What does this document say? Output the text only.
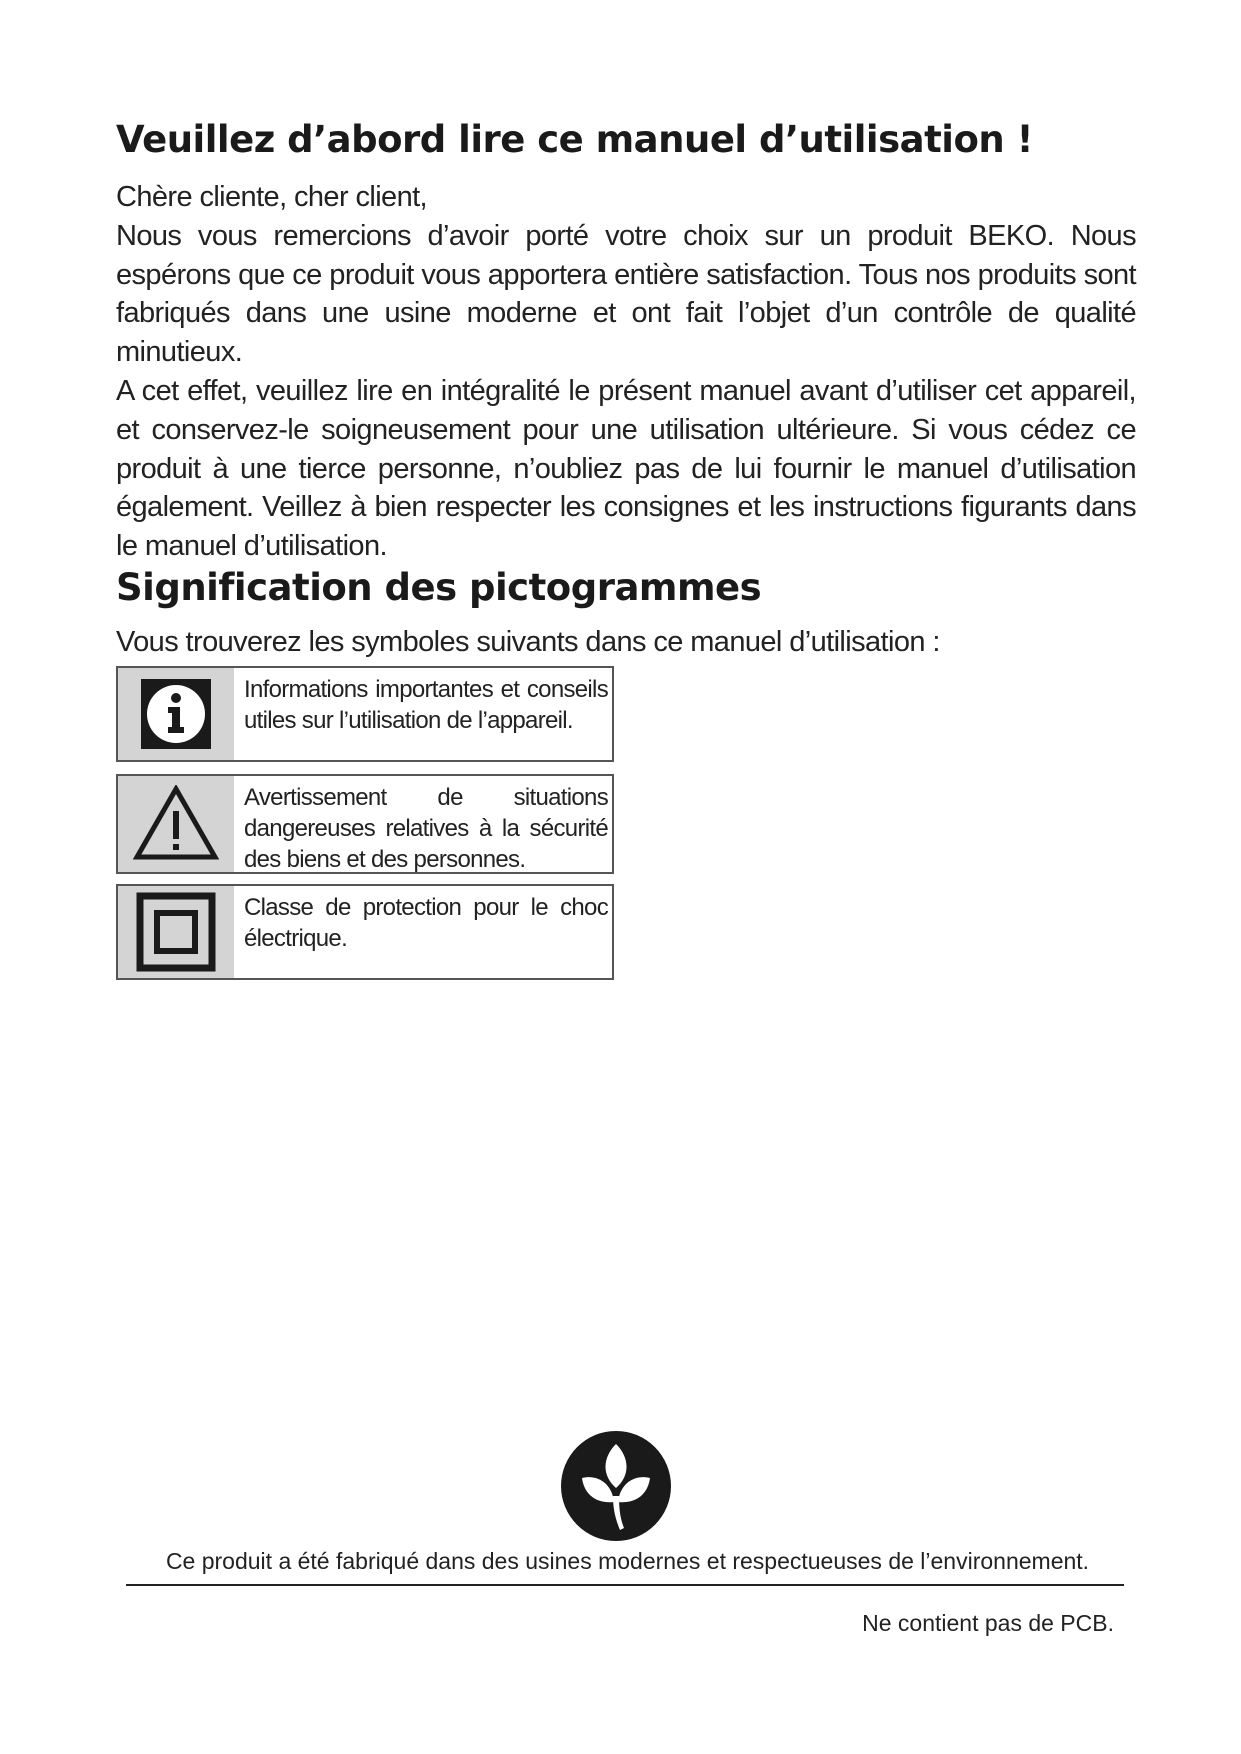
Veuillez d’abord lire ce manuel d’utilisation !

Chère cliente, cher client,

Nous vous remercions d’avoir porté votre choix sur un produit BEKO. Nous espérons que ce produit vous apportera entière satisfaction. Tous nos produits sont fabriqués dans une usine moderne et ont fait l’objet d’un contrôle de qualité minutieux.

A cet effet, veuillez lire en intégralité le présent manuel avant d’utiliser cet appareil, et conservez-le soigneusement pour une utilisation ultérieure. Si vous cédez ce produit à une tierce personne, n’oubliez pas de lui fournir le manuel d’utilisation également. Veillez à bien respecter les consignes et les instructions figurants dans le manuel d’utilisation.

Signification des pictogrammes

Vous trouverez les symboles suivants dans ce manuel d’utilisation :

Informations importantes et conseils utiles sur l’utilisation de l’appareil.
Avertissement de situations dangereuses relatives à la sécurité des biens et des personnes.
Classe de protection pour le choc électrique.
Ce produit a été fabriqué dans des usines modernes et respectueuses de l’environnement.
Ne contient pas de PCB.
